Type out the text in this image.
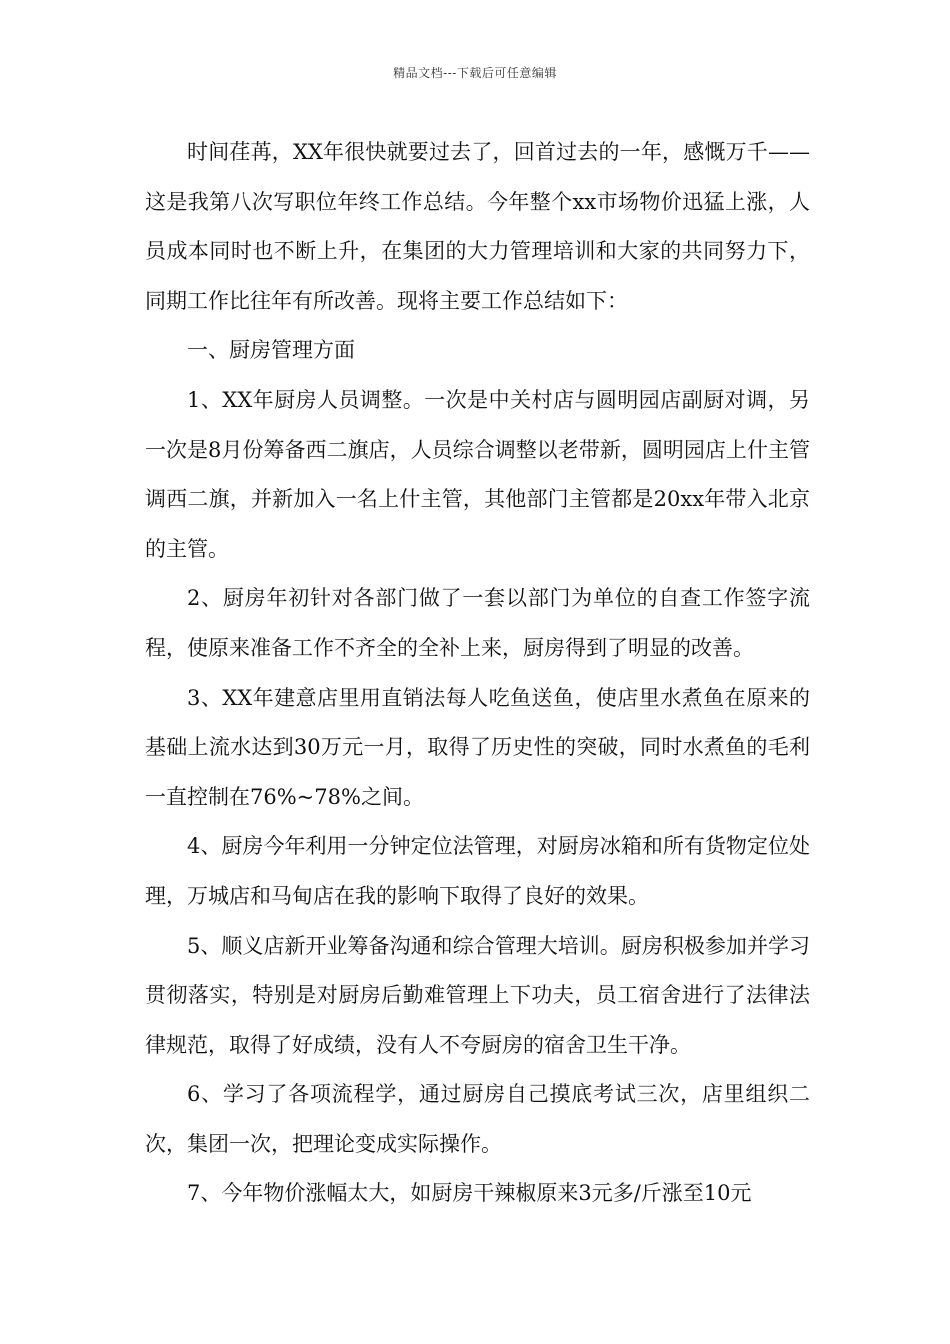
精品文档---下载后可任意编辑

时间荏苒，XX年很快就要过去了，回首过去的一年，感慨万千——这是我第八次写职位年终工作总结。今年整个xx市场物价迅猛上涨，人员成本同时也不断上升，在集团的大力管理培训和大家的共同努力下，同期工作比往年有所改善。现将主要工作总结如下：

一、厨房管理方面

1、XX年厨房人员调整。一次是中关村店与圆明园店副厨对调，另一次是8月份筹备西二旗店，人员综合调整以老带新，圆明园店上什主管调西二旗，并新加入一名上什主管，其他部门主管都是20xx年带入北京的主管。

2、厨房年初针对各部门做了一套以部门为单位的自查工作签字流程，使原来准备工作不齐全的全补上来，厨房得到了明显的改善。

3、XX年建意店里用直销法每人吃鱼送鱼，使店里水煮鱼在原来的基础上流水达到30万元一月，取得了历史性的突破，同时水煮鱼的毛利一直控制在76%~78%之间。

4、厨房今年利用一分钟定位法管理，对厨房冰箱和所有货物定位处理，万城店和马甸店在我的影响下取得了良好的效果。

5、顺义店新开业筹备沟通和综合管理大培训。厨房积极参加并学习贯彻落实，特别是对厨房后勤难管理上下功夫，员工宿舍进行了法律法律规范，取得了好成绩，没有人不夸厨房的宿舍卫生干净。

6、学习了各项流程学，通过厨房自己摸底考试三次，店里组织二次，集团一次，把理论变成实际操作。

7、今年物价涨幅太大，如厨房干辣椒原来3元多/斤涨至10元
